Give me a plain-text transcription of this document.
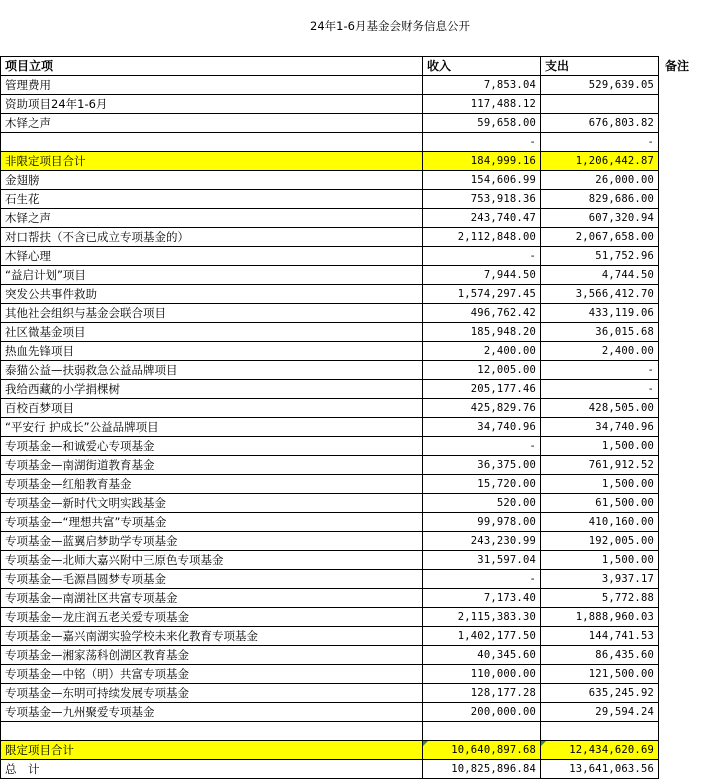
24年1-6月基金会财务信息公开
项目立项	收入	支出	备注
管理费用	7,853.04	529,639.05	
资助项目24年1-6月	117,488.12		
木铎之声	59,658.00	676,803.82	
	-	-	
非限定项目合计	184,999.16	1,206,442.87	
金翅膀	154,606.99	26,000.00	
石生花	753,918.36	829,686.00	
木铎之声	243,740.47	607,320.94	
对口帮扶（不含已成立专项基金的）	2,112,848.00	2,067,658.00	
木铎心理	-	51,752.96	
“益启计划”项目	7,944.50	4,744.50	
突发公共事件救助	1,574,297.45	3,566,412.70	
其他社会组织与基金会联合项目	496,762.42	433,119.06	
社区微基金项目	185,948.20	36,015.68	
热血先锋项目	2,400.00	2,400.00	
泰猫公益—扶弱救急公益品牌项目	12,005.00	-	
我给西藏的小学捐棵树	205,177.46	-	
百校百梦项目	425,829.76	428,505.00	
“平安行 护成长”公益品牌项目	34,740.96	34,740.96	
专项基金—和诚爱心专项基金	-	1,500.00	
专项基金—南湖街道教育基金	36,375.00	761,912.52	
专项基金—红船教育基金	15,720.00	1,500.00	
专项基金—新时代文明实践基金	520.00	61,500.00	
专项基金—“理想共富”专项基金	99,978.00	410,160.00	
专项基金—蓝翼启梦助学专项基金	243,230.99	192,005.00	
专项基金—北师大嘉兴附中三原色专项基金	31,597.04	1,500.00	
专项基金—毛源昌圆梦专项基金	-	3,937.17	
专项基金—南湖社区共富专项基金	7,173.40	5,772.88	
专项基金—龙庄润五老关爱专项基金	2,115,383.30	1,888,960.03	
专项基金—嘉兴南湖实验学校未来化教育专项基金	1,402,177.50	144,741.53	
专项基金—湘家荡科创湖区教育基金	40,345.60	86,435.60	
专项基金—中铭（明）共富专项基金	110,000.00	121,500.00	
专项基金—东明可持续发展专项基金	128,177.28	635,245.92	
专项基金—九州聚爱专项基金	200,000.00	29,594.24	

限定项目合计	10,640,897.68	12,434,620.69	
总　计	10,825,896.84	13,641,063.56	
